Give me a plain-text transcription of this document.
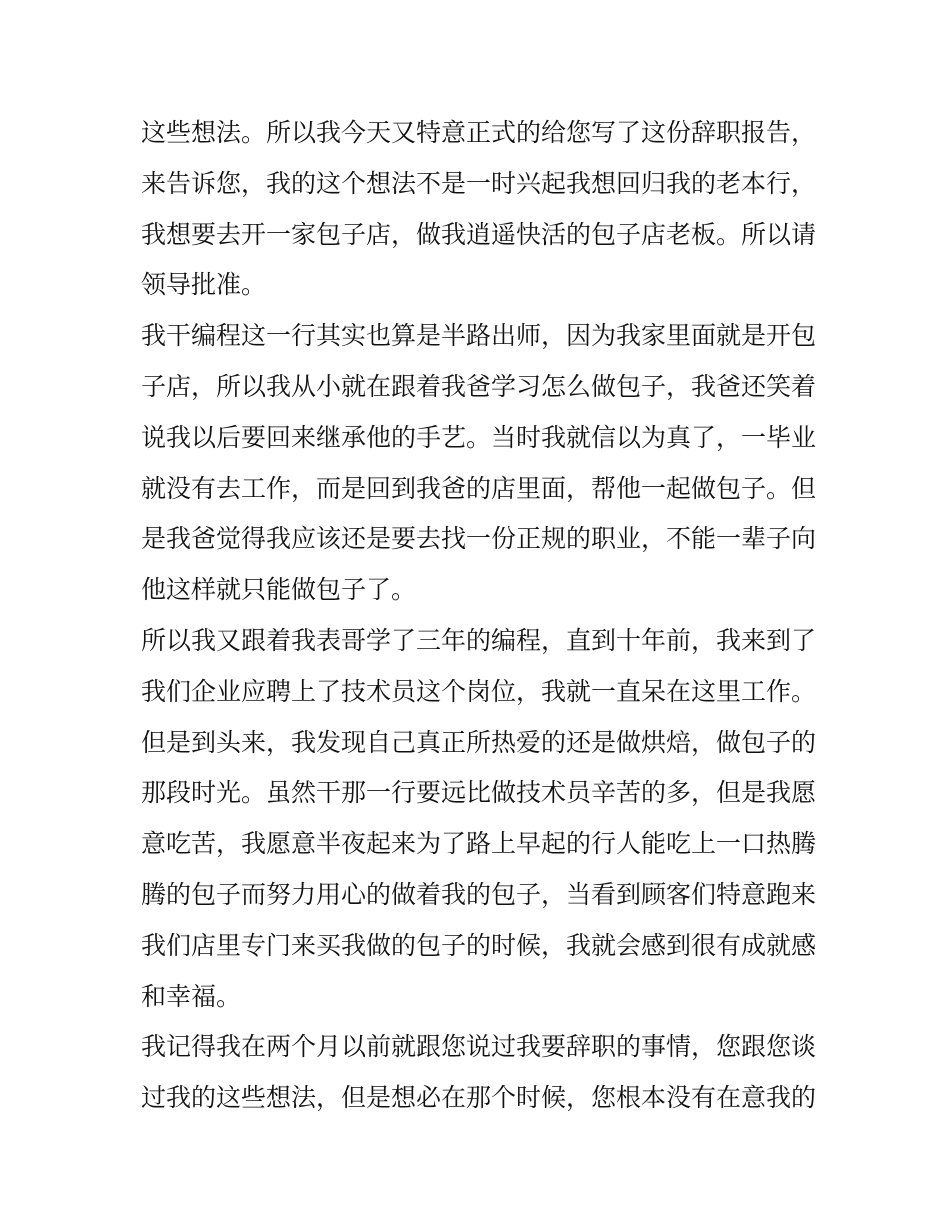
这些想法。所以我今天又特意正式的给您写了这份辞职报告，
来告诉您，我的这个想法不是一时兴起我想回归我的老本行，
我想要去开一家包子店，做我逍遥快活的包子店老板。所以请
领导批准。
我干编程这一行其实也算是半路出师，因为我家里面就是开包
子店，所以我从小就在跟着我爸学习怎么做包子，我爸还笑着
说我以后要回来继承他的手艺。当时我就信以为真了，一毕业
就没有去工作，而是回到我爸的店里面，帮他一起做包子。但
是我爸觉得我应该还是要去找一份正规的职业，不能一辈子向
他这样就只能做包子了。
所以我又跟着我表哥学了三年的编程，直到十年前，我来到了
我们企业应聘上了技术员这个岗位，我就一直呆在这里工作。
但是到头来，我发现自己真正所热爱的还是做烘焙，做包子的
那段时光。虽然干那一行要远比做技术员辛苦的多，但是我愿
意吃苦，我愿意半夜起来为了路上早起的行人能吃上一口热腾
腾的包子而努力用心的做着我的包子，当看到顾客们特意跑来
我们店里专门来买我做的包子的时候，我就会感到很有成就感
和幸福。
我记得我在两个月以前就跟您说过我要辞职的事情，您跟您谈
过我的这些想法，但是想必在那个时候，您根本没有在意我的
